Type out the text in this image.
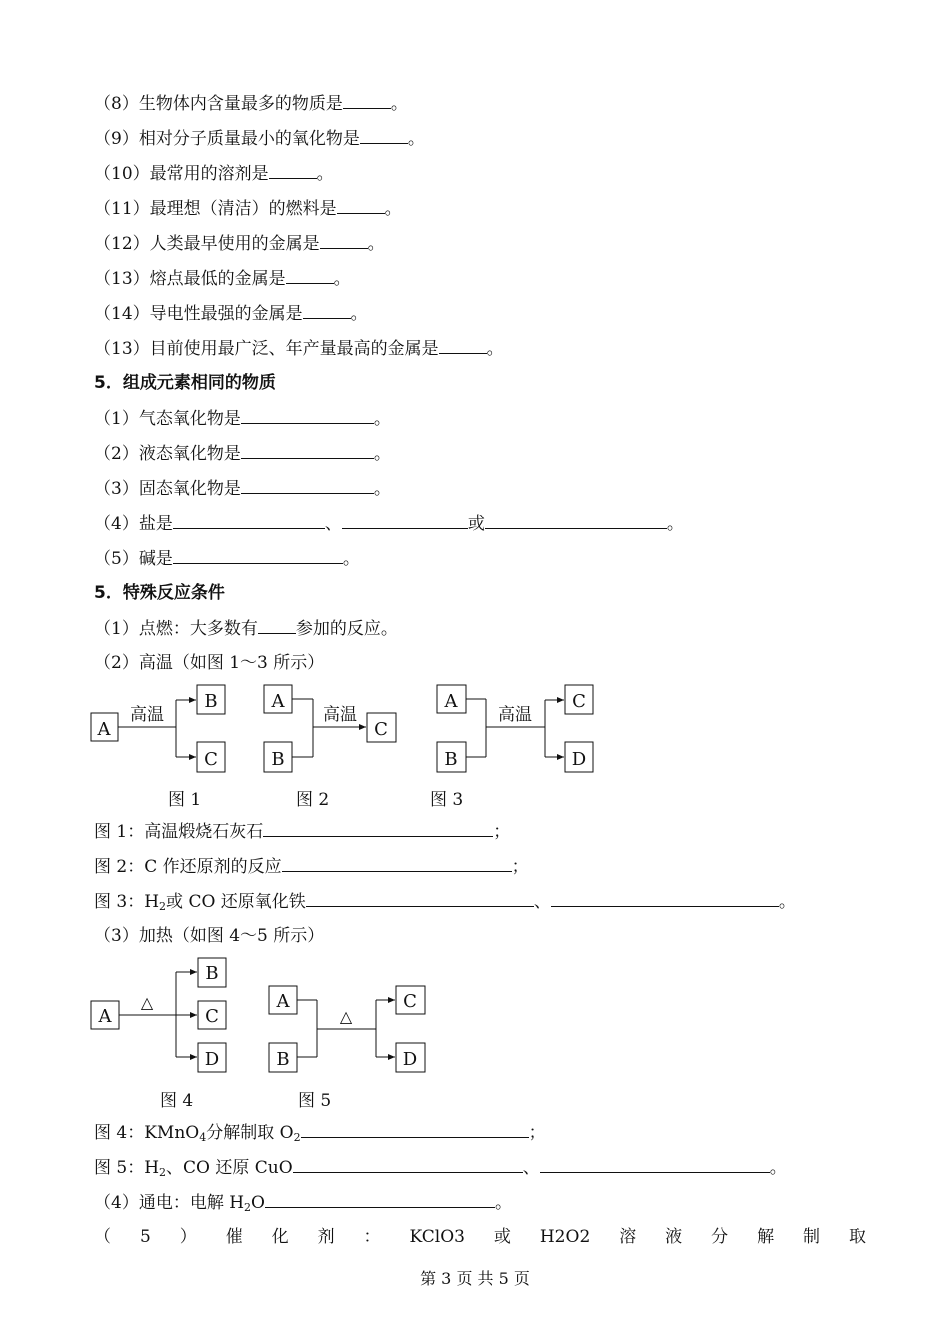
（8）生物体内含量最多的物质是	。
（9）相对分子质量最小的氧化物是	。
（10）最常用的溶剂是	。
（11）最理想（清洁）的燃料是	。
（12）人类最早使用的金属是	。
（13）熔点最低的金属是	。
（14）导电性最强的金属是	。
（13）目前使用最广泛、年产量最高的金属是	。
5．组成元素相同的物质
（1）气态氧化物是	。
（2）液态氧化物是	。
（3）固态氧化物是	。
（4）盐是	、	或	。
（5）碱是	。
5．特殊反应条件
（1）点燃：大多数有 参加的反应。
（2）高温（如图 1～3 所示）
A
B
C
高温
A
B
C
高温
A
B
C
D
高温
图 1	图 2	图 3
图 1：高温煅烧石灰石	；
图 2：C 作还原剂的反应	；
图 3：$H_2$或 CO 还原氧化铁	、	。
（3）加热（如图 4～5 所示）
A
B
C
D
△	A
B
C
D
△
图 4	图 5
图 4：KMnO$_4$分解制取 $O_2$	；
图 5：$H_2$、CO 还原 CuO	、	。
（4）通电：电解 $H_2O$	。
（ 5 ） 催 化 剂 ： KClO3 或 H2O2 溶 液 分 解 制 取
第 3 页 共 5 页
